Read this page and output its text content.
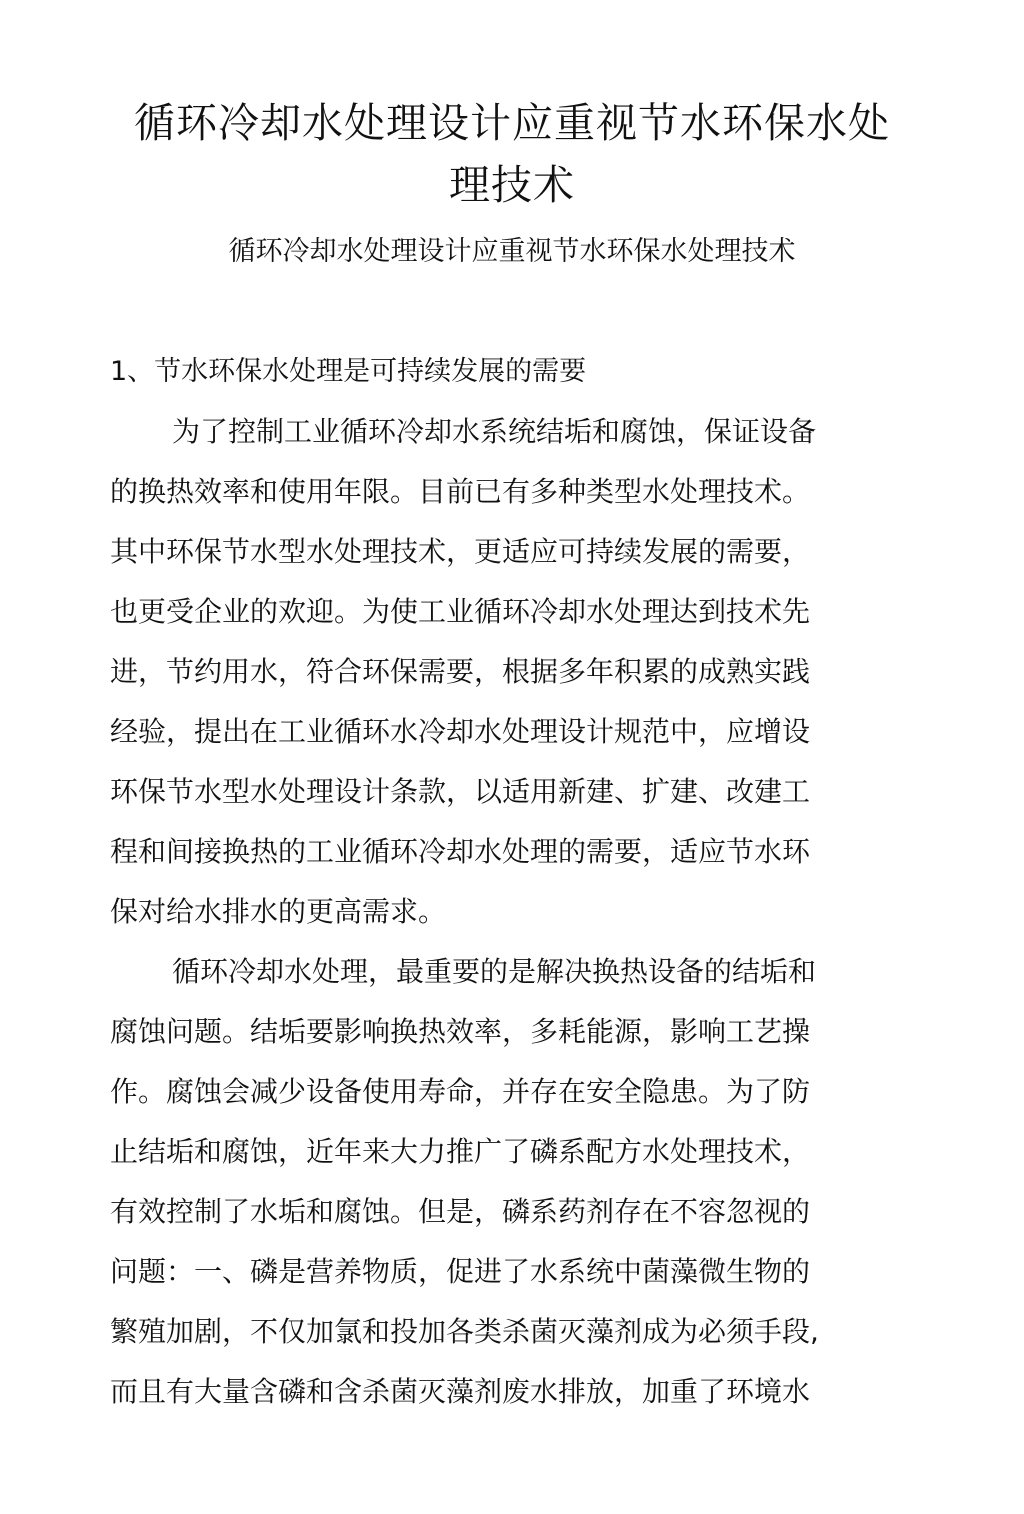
循环冷却水处理设计应重视节水环保水处
理技术

循环冷却水处理设计应重视节水环保水处理技术

1、节水环保水处理是可持续发展的需要

为了控制工业循环冷却水系统结垢和腐蚀，保证设备

的换热效率和使用年限。目前已有多种类型水处理技术。

其中环保节水型水处理技术，更适应可持续发展的需要，

也更受企业的欢迎。为使工业循环冷却水处理达到技术先

进，节约用水，符合环保需要，根据多年积累的成熟实践

经验，提出在工业循环水冷却水处理设计规范中，应增设

环保节水型水处理设计条款，以适用新建、扩建、改建工

程和间接换热的工业循环冷却水处理的需要，适应节水环

保对给水排水的更高需求。

循环冷却水处理，最重要的是解决换热设备的结垢和

腐蚀问题。结垢要影响换热效率，多耗能源，影响工艺操

作。腐蚀会减少设备使用寿命，并存在安全隐患。为了防

止结垢和腐蚀，近年来大力推广了磷系配方水处理技术，

有效控制了水垢和腐蚀。但是，磷系药剂存在不容忽视的

问题：一、磷是营养物质，促进了水系统中菌藻微生物的

繁殖加剧，不仅加氯和投加各类杀菌灭藻剂成为必须手段,

而且有大量含磷和含杀菌灭藻剂废水排放，加重了环境水
